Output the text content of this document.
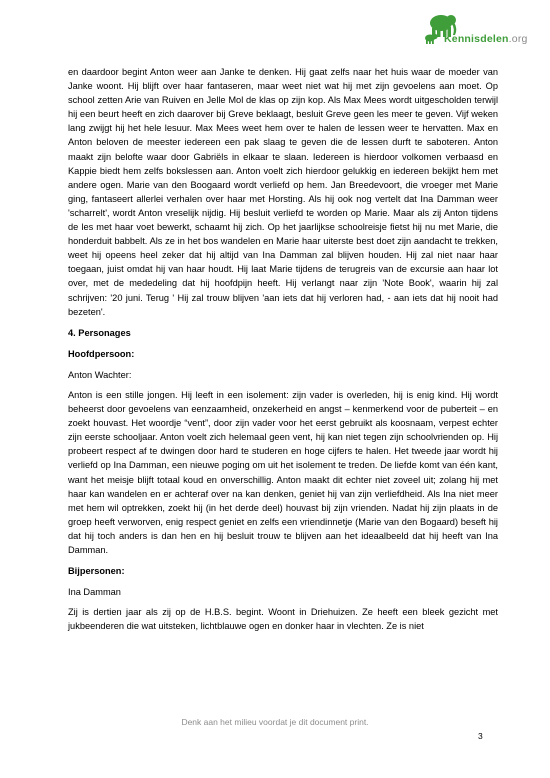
Kennisdelen.org

en daardoor begint Anton weer aan Janke te denken. Hij gaat zelfs naar het huis waar de moeder van Janke woont. Hij blijft over haar fantaseren, maar weet niet wat hij met zijn gevoelens aan moet. Op school zetten Arie van Ruiven en Jelle Mol de klas op zijn kop. Als Max Mees wordt uitgescholden terwijl hij een beurt heeft en zich daarover bij Greve beklaagt, besluit Greve geen les meer te geven. Vijf weken lang zwijgt hij het hele lesuur. Max Mees weet hem over te halen de lessen weer te hervatten. Max en Anton beloven de meester iedereen een pak slaag te geven die de lessen durft te saboteren. Anton maakt zijn belofte waar door Gabriëls in elkaar te slaan. Iedereen is hierdoor volkomen verbaasd en Kappie biedt hem zelfs bokslessen aan. Anton voelt zich hierdoor gelukkig en iedereen bekijkt hem met andere ogen. Marie van den Boogaard wordt verliefd op hem. Jan Breedevoort, die vroeger met Marie ging, fantaseert allerlei verhalen over haar met Horsting. Als hij ook nog vertelt dat Ina Damman weer 'scharrelt', wordt Anton vreselijk nijdig. Hij besluit verliefd te worden op Marie. Maar als zij Anton tijdens de les met haar voet bewerkt, schaamt hij zich. Op het jaarlijkse schoolreisje fietst hij nu met Marie, die honderduit babbelt. Als ze in het bos wandelen en Marie haar uiterste best doet zijn aandacht te trekken, weet hij opeens heel zeker dat hij altijd van Ina Damman zal blijven houden. Hij zal niet naar haar toegaan, juist omdat hij van haar houdt. Hij laat Marie tijdens de terugreis van de excursie aan haar lot over, met de mededeling dat hij hoofdpijn heeft. Hij verlangt naar zijn 'Note Book', waarin hij zal schrijven: '20 juni. Terug ' Hij zal trouw blijven 'aan iets dat hij verloren had, - aan iets dat hij nooit had bezeten'.

4. Personages

Hoofdpersoon:

Anton Wachter:

Anton is een stille jongen. Hij leeft in een isolement: zijn vader is overleden, hij is enig kind. Hij wordt beheerst door gevoelens van eenzaamheid, onzekerheid en angst – kenmerkend voor de puberteit – en zoekt houvast. Het woordje “vent”, door zijn vader voor het eerst gebruikt als koosnaam, verpest echter zijn eerste schooljaar. Anton voelt zich helemaal geen vent, hij kan niet tegen zijn schoolvrienden op. Hij probeert respect af te dwingen door hard te studeren en hoge cijfers te halen. Het tweede jaar wordt hij verliefd op Ina Damman, een nieuwe poging om uit het isolement te treden. De liefde komt van één kant, want het meisje blijft totaal koud en onverschillig. Anton maakt dit echter niet zoveel uit; zolang hij met haar kan wandelen en er achteraf over na kan denken, geniet hij van zijn verliefdheid. Als Ina niet meer met hem wil optrekken, zoekt hij (in het derde deel) houvast bij zijn vrienden. Nadat hij zijn plaats in de groep heeft verworven, enig respect geniet en zelfs een vriendinnetje (Marie van den Bogaard) beseft hij dat hij toch anders is dan hen en hij besluit trouw te blijven aan het ideaalbeeld dat hij heeft van Ina Damman.

Bijpersonen:

Ina Damman

Zij is dertien jaar als zij op de H.B.S. begint. Woont in Driehuizen. Ze heeft een bleek gezicht met jukbeenderen die wat uitsteken, lichtblauwe ogen en donker haar in vlechten. Ze is niet

Denk aan het milieu voordat je dit document print.
3
